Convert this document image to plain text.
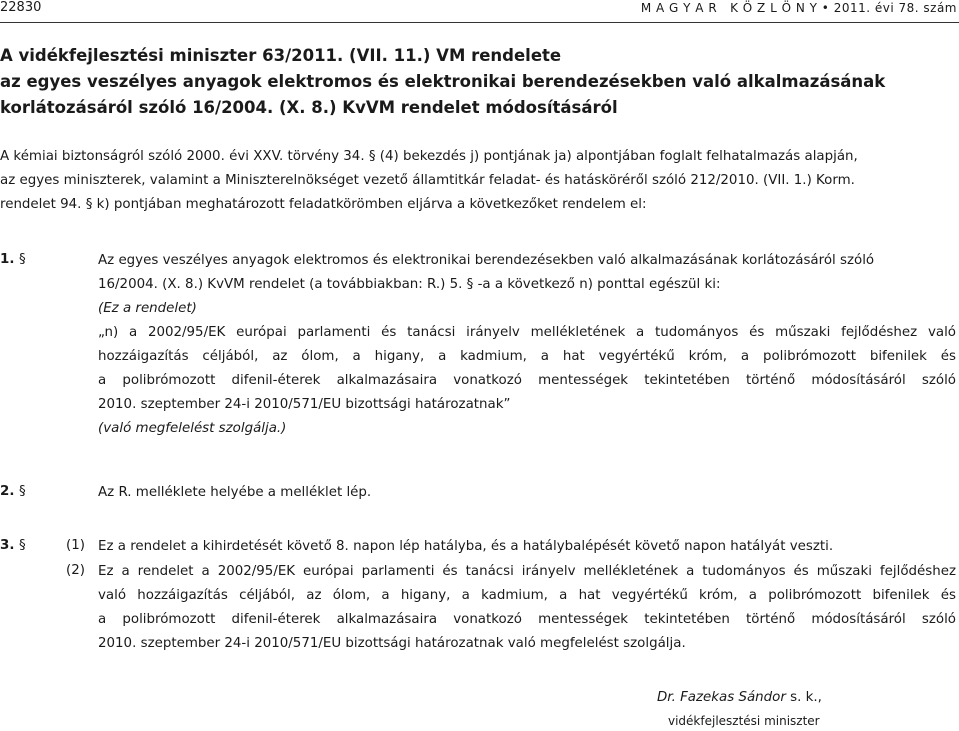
22830	M A G Y A R   K Ö Z L Ö N Y • 2011. évi 78. szám
A vidékfejlesztési miniszter 63/2011. (VII. 11.) VM rendelete
az egyes veszélyes anyagok elektromos és elektronikai berendezésekben való alkalmazásának
korlátozásáról szóló 16/2004. (X. 8.) KvVM rendelet módosításáról
A kémiai biztonságról szóló 2000. évi XXV. törvény 34. § (4) bekezdés j) pontjának ja) alpontjában foglalt felhatalmazás alapján,
az egyes miniszterek, valamint a Miniszterelnökséget vezető államtitkár feladat- és hatásköréről szóló 212/2010. (VII. 1.) Korm.
rendelet 94. § k) pontjában meghatározott feladatkörömben eljárva a következőket rendelem el:
1. §	Az egyes veszélyes anyagok elektromos és elektronikai berendezésekben való alkalmazásának korlátozásáról szóló
16/2004. (X. 8.) KvVM rendelet (a továbbiakban: R.) 5. § -a a következő n) ponttal egészül ki:
(Ez a rendelet)
„n) a 2002/95/EK európai parlamenti és tanácsi irányelv mellékletének a tudományos és műszaki fejlődéshez való
hozzáigazítás céljából, az ólom, a higany, a kadmium, a hat vegyértékű króm, a polibrómozott bifenilek és
a polibrómozott difenil-éterek alkalmazásaira vonatkozó mentességek tekintetében történő módosításáról szóló
2010. szeptember 24-i 2010/571/EU bizottsági határozatnak”
(való megfelelést szolgálja.)
2. §	Az R. melléklete helyébe a melléklet lép.
3. §	(1) Ez a rendelet a kihirdetését követő 8. napon lép hatályba, és a hatálybalépését követő napon hatályát veszti.
(2) Ez a rendelet a 2002/95/EK európai parlamenti és tanácsi irányelv mellékletének a tudományos és műszaki fejlődéshez
való hozzáigazítás céljából, az ólom, a higany, a kadmium, a hat vegyértékű króm, a polibrómozott bifenilek és
a polibrómozott difenil-éterek alkalmazásaira vonatkozó mentességek tekintetében történő módosításáról szóló
2010. szeptember 24-i 2010/571/EU bizottsági határozatnak való megfelelést szolgálja.
Dr. Fazekas Sándor s. k.,
vidékfejlesztési miniszter
